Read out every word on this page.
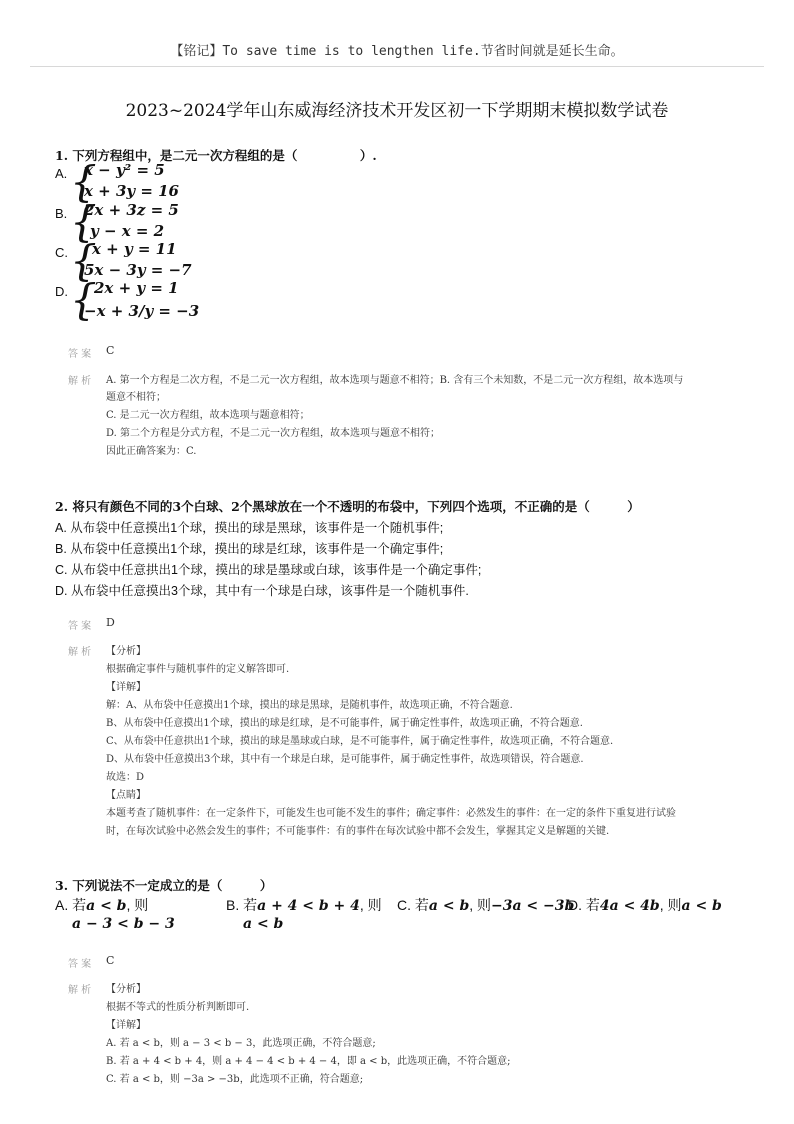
【铭记】To save time is to lengthen life.节省时间就是延长生命。
2023~2024学年山东威海经济技术开发区初一下学期期末模拟数学试卷
1. 下列方程组中，是二元一次方程组的是（　　　　　）.
A. {
x − y² = 5
x + 3y = 16
B. {
2x + 3z = 5
y − x = 2
C. {
x + y = 11
5x − 3y = −7
D. {
2x + y = 1
−x + 3/y = −3
答 案 C
解 析 A. 第一个方程是二次方程，不是二元一次方程组，故本选项与题意不相符；B. 含有三个未知数，不是二元一次方程组，故本选项与
题意不相符；
C. 是二元一次方程组，故本选项与题意相符；
D. 第二个方程是分式方程，不是二元一次方程组，故本选项与题意不相符；
因此正确答案为：C.
2. 将只有颜色不同的3个白球、2个黑球放在一个不透明的布袋中，下列四个选项，不正确的是（　　　）
A. 从布袋中任意摸出1个球，摸出的球是黑球，该事件是一个随机事件;
B. 从布袋中任意摸出1个球，摸出的球是红球，该事件是一个确定事件;
C. 从布袋中任意拱出1个球，摸出的球是墨球或白球，该事件是一个确定事件;
D. 从布袋中任意摸出3个球，其中有一个球是白球，该事件是一个随机事件.
答 案 D
解 析 【分析】
根据确定事件与随机事件的定义解答即可.
【详解】
解：A、从布袋中任意摸出1个球，摸出的球是黑球，是随机事件，故选项正确，不符合题意.
B、从布袋中任意摸出1个球，摸出的球是红球，是不可能事件，属于确定性事件，故选项正确，不符合题意.
C、从布袋中任意拱出1个球，摸出的球是墨球或白球，是不可能事件，属于确定性事件，故选项正确，不符合题意.
D、从布袋中任意摸出3个球，其中有一个球是白球，是可能事件，属于确定性事件，故选项错误，符合题意.
故选：D
【点睛】
本题考查了随机事件：在一定条件下，可能发生也可能不发生的事件；确定事件：必然发生的事件：在一定的条件下重复进行试验
时，在每次试验中必然会发生的事件；不可能事件：有的事件在每次试验中都不会发生，掌握其定义是解题的关键.
3. 下列说法不一定成立的是（　　　）
A. 若a < b, 则
a − 3 < b − 3
B. 若a + 4 < b + 4, 则
a < b
C. 若a < b, 则−3a < −3b
D. 若4a < 4b, 则a < b
答 案 C
解 析 【分析】
根据不等式的性质分析判断即可.
【详解】
A. 若 a < b，则 a − 3 < b − 3，此选项正确，不符合题意;
B. 若 a + 4 < b + 4，则 a + 4 − 4 < b + 4 − 4，即 a < b，此选项正确，不符合题意;
C. 若 a < b，则 −3a > −3b，此选项不正确，符合题意;
